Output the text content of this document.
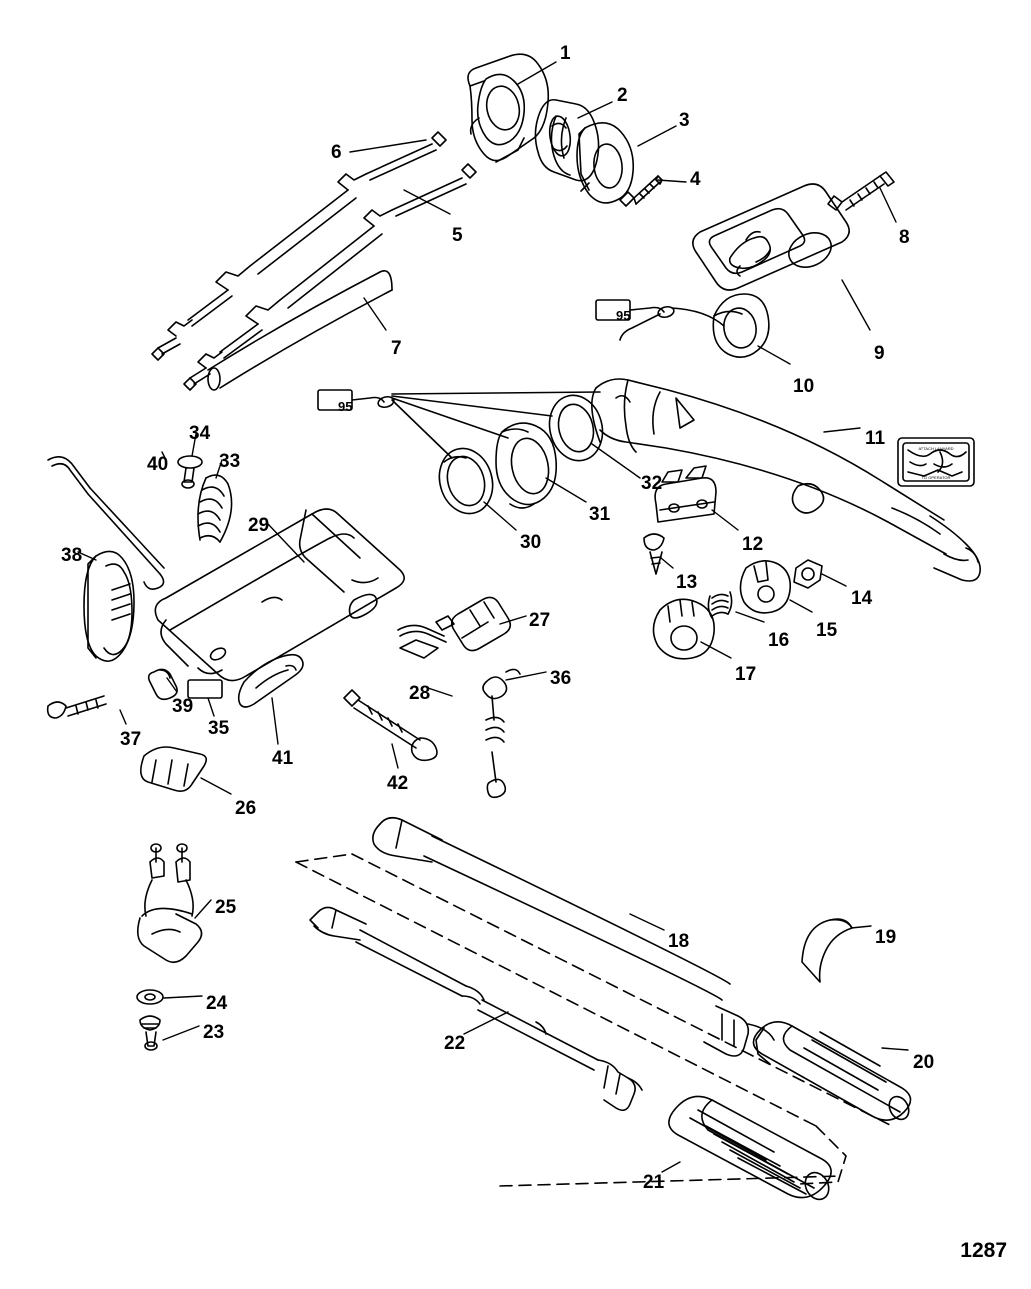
ATTACH LANYARD
TO OPERATOR
1
2
3
4
5
6
7
8
9
10
11
12
13
14
15
16
17
18	19
20
21
22
23
24
25
26
27
28
29
30
31
32
33
34
35
36
37
38
39
40
41
42
95
95
1287
